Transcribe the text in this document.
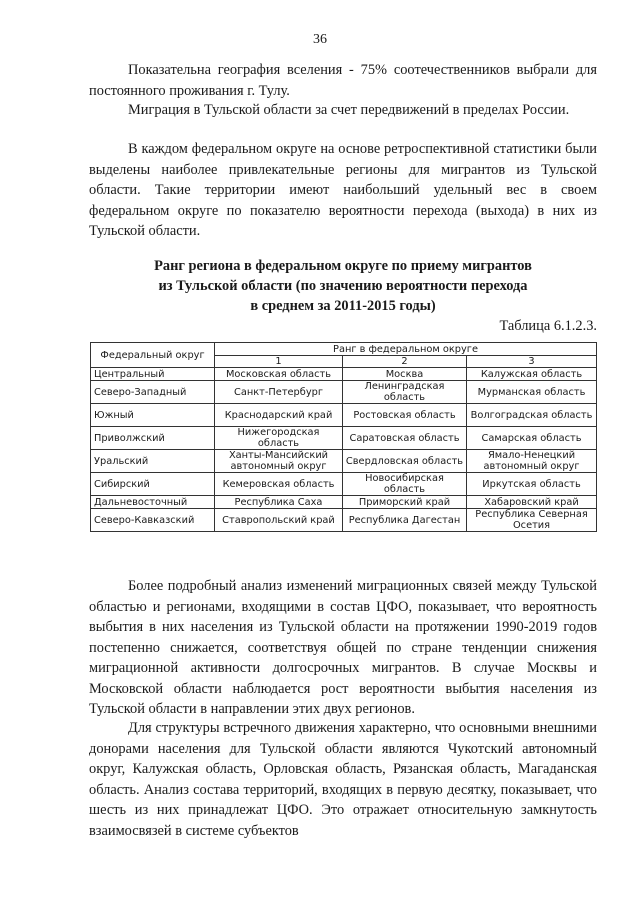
36

Показательна география вселения - 75% соотечественников выбрали для постоянного проживания г. Тулу.

Миграция в Тульской области за счет передвижений в пределах России.

В каждом федеральном округе на основе ретроспективной статистики были выделены наиболее привлекательные регионы для мигрантов из Тульской области. Такие территории имеют наибольший удельный вес в своем федеральном округе по показателю вероятности перехода (выхода) в них из Тульской области.

Ранг региона в федеральном округе по приему мигрантов
из Тульской области (по значению вероятности перехода
в среднем за 2011-2015 годы)
Таблица 6.1.2.3.
Федеральный округ	Ранг в федеральном округе		
	1	2	3
Центральный	Московская область	Москва	Калужская область
Северо-Западный	Санкт-Петербург	Ленинградская область	Мурманская область
Южный	Краснодарский край	Ростовская область	Волгоградская область
Приволжский	Нижегородская область	Саратовская область	Самарская область
Уральский	Ханты-Мансийский автономный округ	Свердловская область	Ямало-Ненецкий автономный округ
Сибирский	Кемеровская область	Новосибирская область	Иркутская область
Дальневосточный	Республика Саха	Приморский край	Хабаровский край
Северо-Кавказский	Ставропольский край	Республика Дагестан	Республика Северная Осетия

Более подробный анализ изменений миграционных связей между Тульской областью и регионами, входящими в состав ЦФО, показывает, что вероятность выбытия в них населения из Тульской области на протяжении 1990-2019 годов постепенно снижается, соответствуя общей по стране тенденции снижения миграционной активности долгосрочных мигрантов. В случае Москвы и Московской области наблюдается рост вероятности выбытия населения из Тульской области в направлении этих двух регионов.

Для структуры встречного движения характерно, что основными внешними донорами населения для Тульской области являются Чукотский автономный округ, Калужская область, Орловская область, Рязанская область, Магаданская область. Анализ состава территорий, входящих в первую десятку, показывает, что шесть из них принадлежат ЦФО. Это отражает относительную замкнутость взаимосвязей в системе субъектов
